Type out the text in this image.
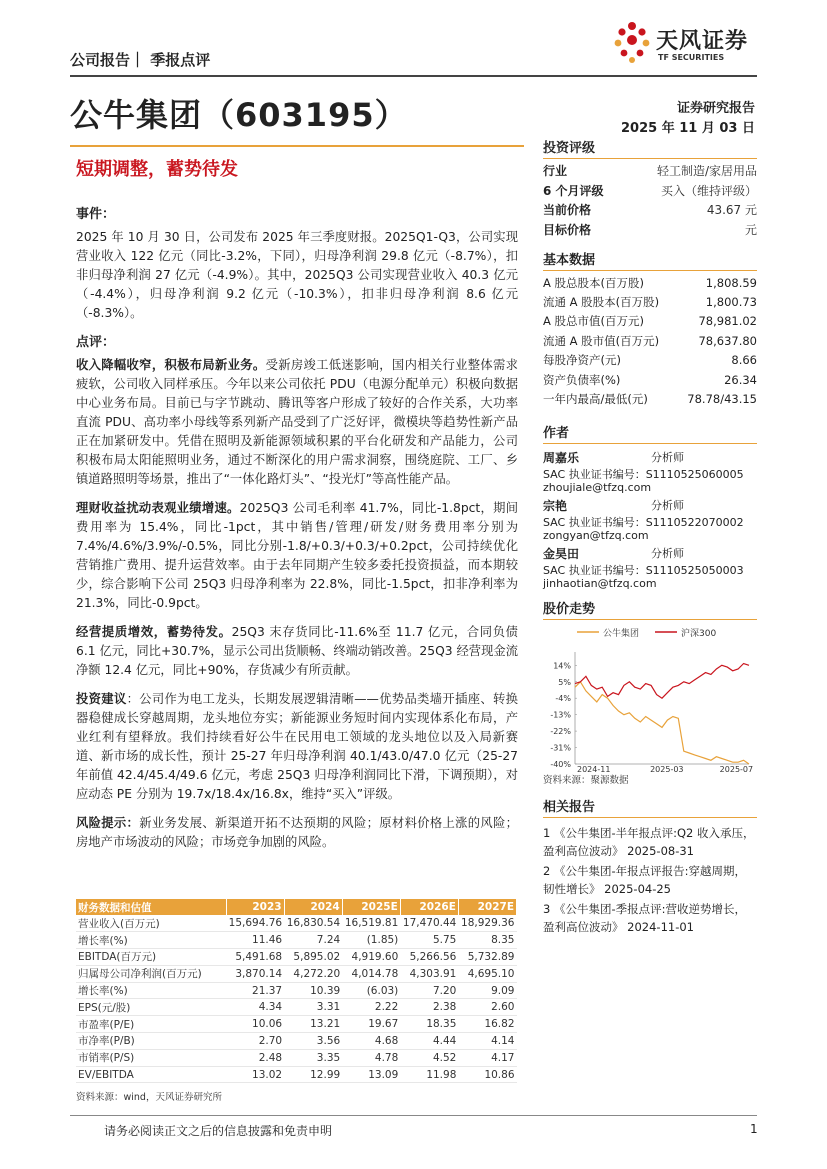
公司报告｜ 季报点评
天风证券
TF SECURITIES
公牛集团（603195）	证券研究报告
2025 年 11 月 03 日
短期调整，蓄势待发
事件：
2025 年 10 月 30 日，公司发布 2025 年三季度财报。2025Q1-Q3，公司实现营业收入 122 亿元（同比-3.2%，下同），归母净利润 29.8 亿元（-8.7%），扣非归母净利润 27 亿元（-4.9%）。其中，2025Q3 公司实现营业收入 40.3 亿元（-4.4%），归母净利润 9.2 亿元（-10.3%），扣非归母净利润 8.6 亿元（-8.3%）。
点评：
收入降幅收窄，积极布局新业务。受新房竣工低迷影响，国内相关行业整体需求疲软，公司收入同样承压。今年以来公司依托 PDU（电源分配单元）积极向数据中心业务布局。目前已与字节跳动、腾讯等客户形成了较好的合作关系，大功率直流 PDU、高功率小母线等系列新产品受到了广泛好评，微模块等趋势性新产品正在加紧研发中。凭借在照明及新能源领域积累的平台化研发和产品能力，公司积极布局太阳能照明业务，通过不断深化的用户需求洞察，围绕庭院、工厂、乡镇道路照明等场景，推出了“一体化路灯头”、“投光灯”等高性能产品。
理财收益扰动表观业绩增速。2025Q3 公司毛利率 41.7%，同比-1.8pct，期间费用率为 15.4%，同比-1pct，其中销售/管理/研发/财务费用率分别为 7.4%/4.6%/3.9%/-0.5%，同比分别-1.8/+0.3/+0.3/+0.2pct，公司持续优化营销推广费用、提升运营效率。由于去年同期产生较多委托投资损益，而本期较少，综合影响下公司 25Q3 归母净利率为 22.8%，同比-1.5pct，扣非净利率为 21.3%，同比-0.9pct。
经营提质增效，蓄势待发。25Q3 末存货同比-11.6%至 11.7 亿元，合同负债 6.1 亿元，同比+30.7%，显示公司出货顺畅、终端动销改善。25Q3 经营现金流净额 12.4 亿元，同比+90%，存货减少有所贡献。
投资建议：公司作为电工龙头，长期发展逻辑清晰——优势品类墙开插座、转换器稳健成长穿越周期，龙头地位夯实；新能源业务短时间内实现体系化布局，产业红利有望释放。我们持续看好公牛在民用电工领域的龙头地位以及入局新赛道、新市场的成长性，预计 25-27 年归母净利润 40.1/43.0/47.0 亿元（25-27 年前值 42.4/45.4/49.6 亿元，考虑 25Q3 归母净利润同比下滑，下调预期），对应动态 PE 分别为 19.7x/18.4x/16.8x，维持“买入”评级。
风险提示：新业务发展、新渠道开拓不达预期的风险；原材料价格上涨的风险；房地产市场波动的风险；市场竞争加剧的风险。
财务数据和估值	2023	2024	2025E	2026E	2027E
营业收入(百万元)	15,694.76	16,830.54	16,519.81	17,470.44	18,929.36
增长率(%)	11.46	7.24	(1.85)	5.75	8.35
EBITDA(百万元)	5,491.68	5,895.02	4,919.60	5,266.56	5,732.89
归属母公司净利润(百万元)	3,870.14	4,272.20	4,014.78	4,303.91	4,695.10
增长率(%)	21.37	10.39	(6.03)	7.20	9.09
EPS(元/股)	4.34	3.31	2.22	2.38	2.60
市盈率(P/E)	10.06	13.21	19.67	18.35	16.82
市净率(P/B)	2.70	3.56	4.68	4.44	4.14
市销率(P/S)	2.48	3.35	4.78	4.52	4.17
EV/EBITDA	13.02	12.99	13.09	11.98	10.86
资料来源：wind，天风证券研究所
投资评级
行业	轻工制造/家居用品
6 个月评级	买入（维持评级）
当前价格	43.67 元
目标价格	元
基本数据
A 股总股本(百万股)	1,808.59
流通 A 股股本(百万股)	1,800.73
A 股总市值(百万元)	78,981.02
流通 A 股市值(百万元)	78,637.80
每股净资产(元)	8.66
资产负债率(%)	26.34
一年内最高/最低(元)	78.78/43.15
作者
周嘉乐	分析师
SAC 执业证书编号：S1110525060005
zhoujiale@tfzq.com
宗艳	分析师
SAC 执业证书编号：S1110522070002
zongyan@tfzq.com
金昊田	分析师
SAC 执业证书编号：S1110525050003
jinhaotian@tfzq.com
股价走势
公牛集团	沪深300
14%
5%
-4%
-13%
-22%
-31%
-40%
2024-11	2025-03	2025-07
资料来源：聚源数据
相关报告
1 《公牛集团-半年报点评:Q2 收入承压，盈利高位波动》 2025-08-31
2 《公牛集团-年报点评报告:穿越周期，韧性增长》 2025-04-25
3 《公牛集团-季报点评:营收逆势增长，盈利高位波动》 2024-11-01
请务必阅读正文之后的信息披露和免责申明	1
